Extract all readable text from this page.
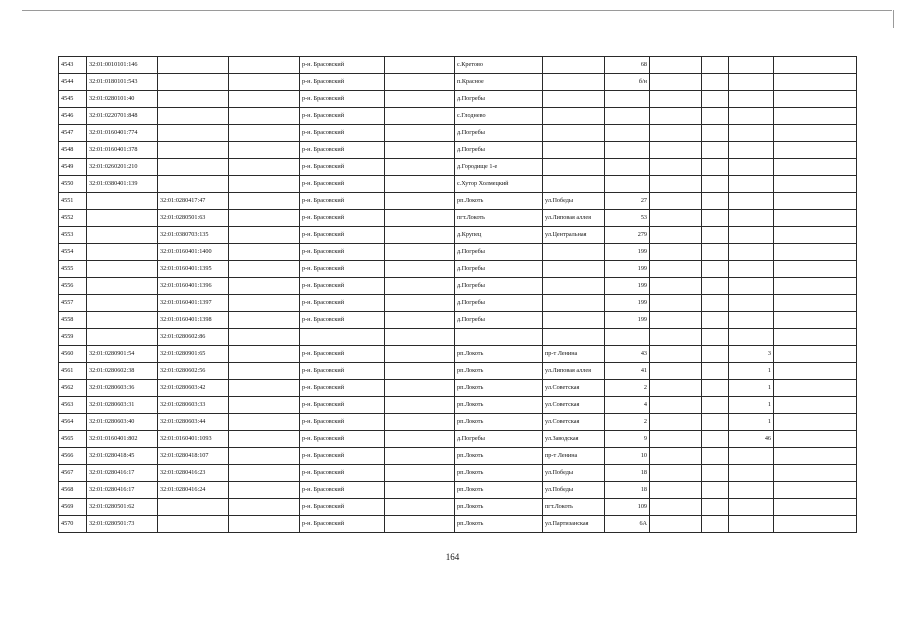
4543	32:01:0010101:146			р-н. Брасовский		с.Кретово		68				
4544	32:01:0180101:543			р-н. Брасовский		п.Красное		б/н				
4545	32:01:0280101:40			р-н. Брасовский		д.Погребы						
4546	32:01:0220701:848			р-н. Брасовский		с.Глоднево						
4547	32:01:0160401:774			р-н. Брасовский		д.Погребы						
4548	32:01:0160401:378			р-н. Брасовский		д.Погребы						
4549	32:01:0260201:210			р-н. Брасовский		д.Городище 1-е						
4550	32:01:0380401:139			р-н. Брасовский		с.Хутор Холмецкий						
4551		32:01:0280417:47		р-н. Брасовский		рп.Локоть	ул.Победы	27				
4552		32:01:0280501:63		р-н. Брасовский		пгт.Локоть	ул.Липовая аллея	53				
4553		32:01:0380703:135		р-н. Брасовский		д.Крупец	ул.Центральная	279				
4554		32:01:0160401:1400		р-н. Брасовский		д.Погребы		199				
4555		32:01:0160401:1395		р-н. Брасовский		д.Погребы		199				
4556		32:01:0160401:1396		р-н. Брасовский		д.Погребы		199				
4557		32:01:0160401:1397		р-н. Брасовский		д.Погребы		199				
4558		32:01:0160401:1398		р-н. Брасовский		д.Погребы		199				
4559		32:01:0280602:86										
4560	32:01:0280901:54	32:01:0280901:65		р-н. Брасовский		рп.Локоть	пр-т Ленина	43			3	
4561	32:01:0280602:38	32:01:0280602:56		р-н. Брасовский		рп.Локоть	ул.Липовая аллея	41			1	
4562	32:01:0280603:36	32:01:0280603:42		р-н. Брасовский		рп.Локоть	ул.Советская	2			1	
4563	32:01:0280603:31	32:01:0280603:33		р-н. Брасовский		рп.Локоть	ул.Советская	4			1	
4564	32:01:0280603:40	32:01:0280603:44		р-н. Брасовский		рп.Локоть	ул.Советская	2			1	
4565	32:01:0160401:802	32:01:0160401:1093		р-н. Брасовский		д.Погребы	ул.Заводская	9			46	
4566	32:01:0280418:45	32:01:0280418:107		р-н. Брасовский		рп.Локоть	пр-т Ленина	10				
4567	32:01:0280416:17	32:01:0280416:23		р-н. Брасовский		рп.Локоть	ул.Победы	18				
4568	32:01:0280416:17	32:01:0280416:24		р-н. Брасовский		рп.Локоть	ул.Победы	18				
4569	32:01:0280501:62			р-н. Брасовский		рп.Локоть	пгт.Локоть	109				
4570	32:01:0280501:73			р-н. Брасовский		рп.Локоть	ул.Партизанская	6А				
164
